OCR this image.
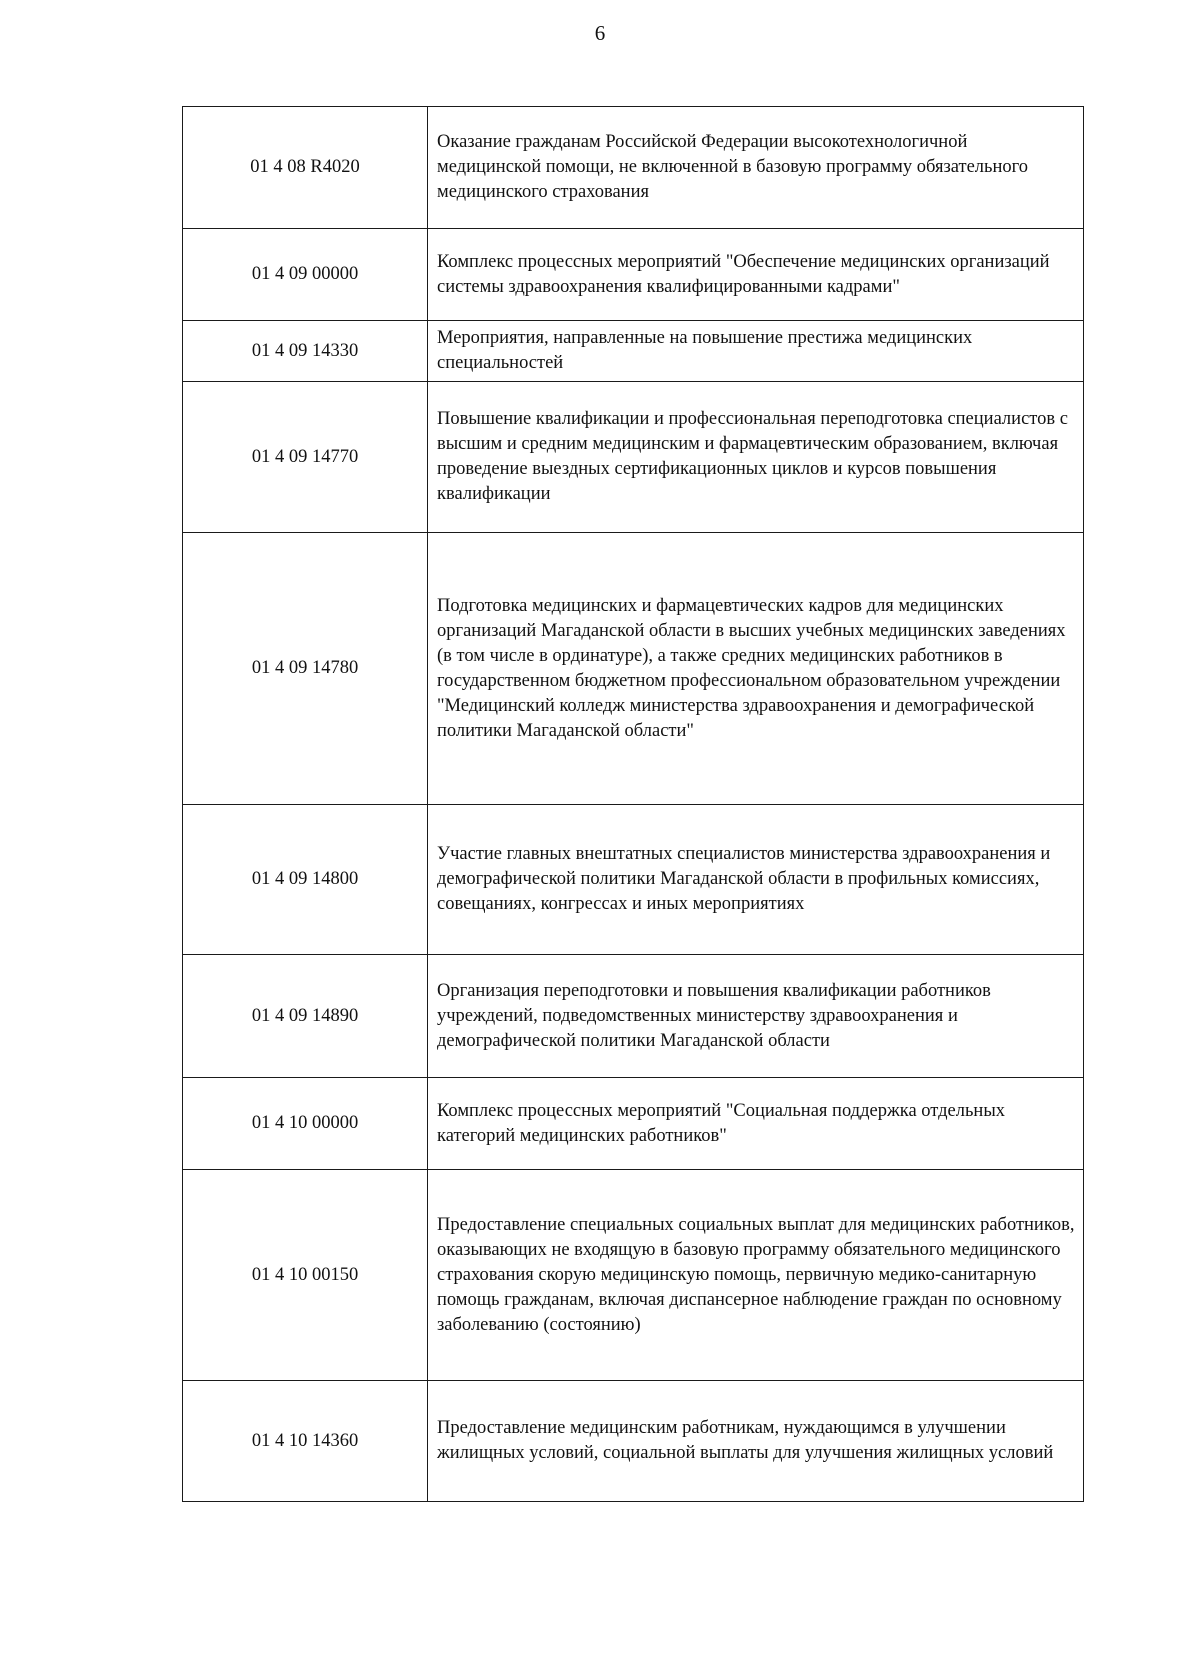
6
01 4 08 R4020	Оказание гражданам Российской Федерации высокотехнологичной медицинской помощи, не включенной в базовую программу обязательного медицинского страхования
01 4 09 00000	Комплекс процессных мероприятий "Обеспечение медицинских организаций системы здравоохранения квалифицированными кадрами"
01 4 09 14330	Мероприятия, направленные на повышение престижа медицинских специальностей
01 4 09 14770	Повышение квалификации и профессиональная переподготовка специалистов с высшим и средним медицинским и фармацевтическим образованием, включая проведение выездных сертификационных циклов и курсов повышения квалификации
01 4 09 14780	Подготовка медицинских и фармацевтических кадров для медицинских организаций Магаданской области в высших учебных медицинских заведениях (в том числе в ординатуре), а также средних медицинских работников в государственном бюджетном профессиональном образовательном учреждении "Медицинский колледж министерства здравоохранения и демографической политики Магаданской области"
01 4 09 14800	Участие главных внештатных специалистов министерства здравоохранения и демографической политики Магаданской области в профильных комиссиях, совещаниях, конгрессах и иных мероприятиях
01 4 09 14890	Организация переподготовки и повышения квалификации работников учреждений, подведомственных министерству здравоохранения и демографической политики Магаданской области
01 4 10 00000	Комплекс процессных мероприятий "Социальная поддержка отдельных категорий медицинских работников"
01 4 10 00150	Предоставление специальных социальных выплат для медицинских работников, оказывающих не входящую в базовую программу обязательного медицинского страхования скорую медицинскую помощь, первичную медико-санитарную помощь гражданам, включая диспансерное наблюдение граждан по основному заболеванию (состоянию)
01 4 10 14360	Предоставление медицинским работникам, нуждающимся в улучшении жилищных условий, социальной выплаты для улучшения жилищных условий
